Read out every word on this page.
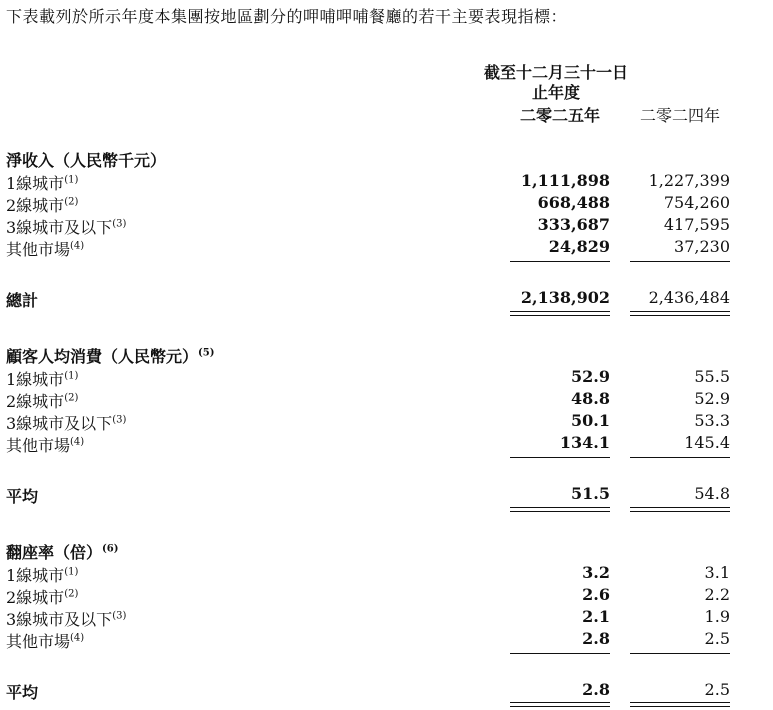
下表載列於所示年度本集團按地區劃分的呷哺呷哺餐廳的若干主要表現指標：
截至十二月三十一日
止年度
二零二五年	二零二四年
淨收入（人民幣千元）
1線城市$^{(1)}$	1,111,898 1,227,399
2線城市$^{(2)}$	668,488	754,260
3線城市及以下$^{(3)}$	333,687	417,595
其他市場$^{(4)}$	24,829	37,230
總計	2,138,902 2,436,484
顧客人均消費（人民幣元）$^{(5)}$
1線城市$^{(1)}$	52.9	55.5
2線城市$^{(2)}$	48.8	52.9
3線城市及以下$^{(3)}$	50.1	53.3
其他市場$^{(4)}$	134.1	145.4
平均	51.5	54.8
翻座率（倍）$^{(6)}$
1線城市$^{(1)}$	3.2	3.1
2線城市$^{(2)}$	2.6	2.2
3線城市及以下$^{(3)}$	2.1	1.9
其他市場$^{(4)}$	2.8	2.5
平均	2.8	2.5
